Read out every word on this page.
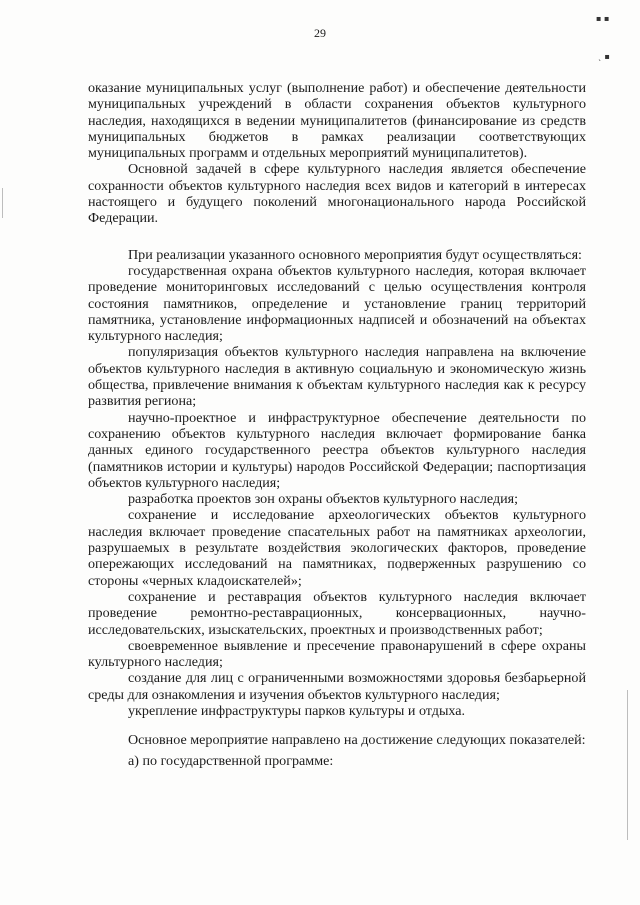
29
▪ ▪
ˎ ▪

оказание муниципальных услуг (выполнение работ) и обеспечение деятельности муниципальных учреждений в области сохранения объектов культурного наследия, находящихся в ведении муниципалитетов (финансирование из средств муниципальных бюджетов в рамках реализации соответствующих муниципальных программ и отдельных мероприятий муниципалитетов).

Основной задачей в сфере культурного наследия является обеспечение сохранности объектов культурного наследия всех видов и категорий в интересах настоящего и будущего поколений многонационального народа Российской Федерации.

При реализации указанного основного мероприятия будут осуществляться:

государственная охрана объектов культурного наследия, которая включает проведение мониторинговых исследований с целью осуществления контроля состояния памятников, определение и установление границ территорий памятника, установление информационных надписей и обозначений на объектах культурного наследия;

популяризация объектов культурного наследия направлена на включение объектов культурного наследия в активную социальную и экономическую жизнь общества, привлечение внимания к объектам культурного наследия как к ресурсу развития региона;

научно-проектное и инфраструктурное обеспечение деятельности по сохранению объектов культурного наследия включает формирование банка данных единого государственного реестра объектов культурного наследия (памятников истории и культуры) народов Российской Федерации; паспортизация объектов культурного наследия;

разработка проектов зон охраны объектов культурного наследия;

сохранение и исследование археологических объектов культурного наследия включает проведение спасательных работ на памятниках археологии, разрушаемых в результате воздействия экологических факторов, проведение опережающих исследований на памятниках, подверженных разрушению со стороны «черных кладоискателей»;

сохранение и реставрация объектов культурного наследия включает проведение ремонтно-реставрационных, консервационных, научно-исследовательских, изыскательских, проектных и производственных работ;

своевременное выявление и пресечение правонарушений в сфере охраны культурного наследия;

создание для лиц с ограниченными возможностями здоровья безбарьерной среды для ознакомления и изучения объектов культурного наследия;

укрепление инфраструктуры парков культуры и отдыха.

Основное мероприятие направлено на достижение следующих показателей:

а) по государственной программе:
